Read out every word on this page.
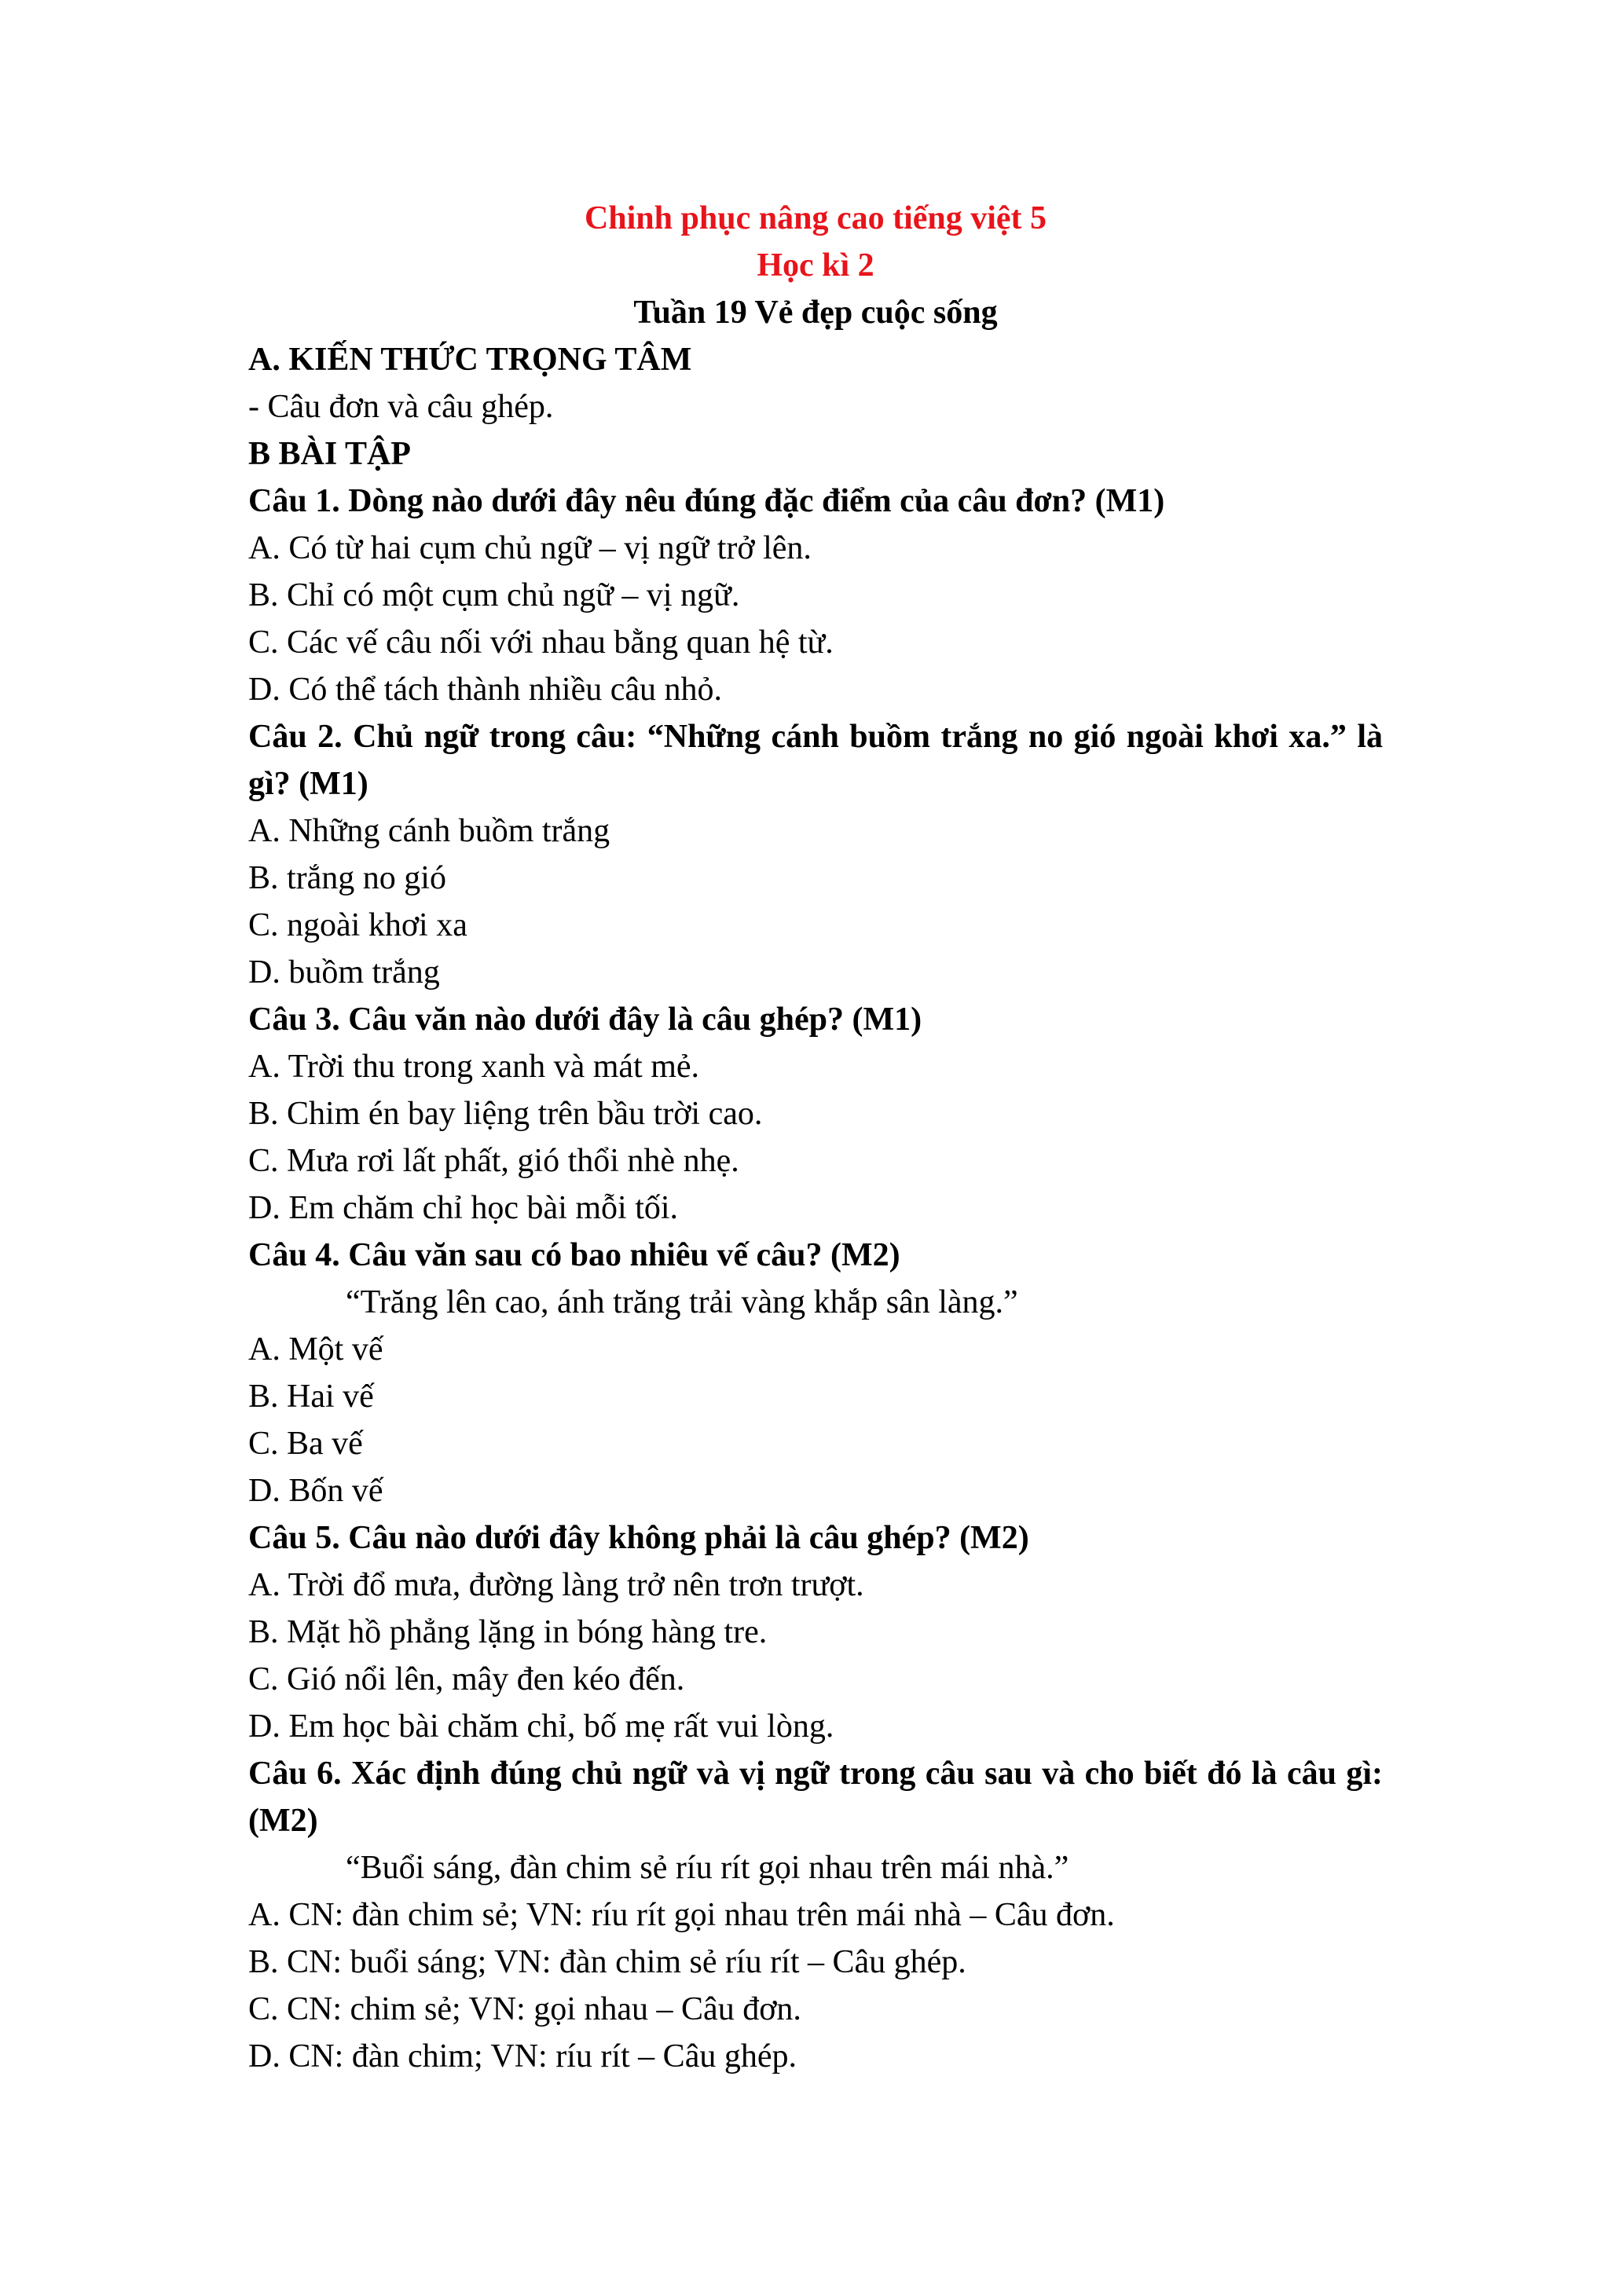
Chinh phục nâng cao tiếng việt 5
Học kì 2
Tuần 19 Vẻ đẹp cuộc sống
A. KIẾN THỨC TRỌNG TÂM
- Câu đơn và câu ghép.
B BÀI TẬP
Câu 1. Dòng nào dưới đây nêu đúng đặc điểm của câu đơn? (M1)
A. Có từ hai cụm chủ ngữ – vị ngữ trở lên.
B. Chỉ có một cụm chủ ngữ – vị ngữ.
C. Các vế câu nối với nhau bằng quan hệ từ.
D. Có thể tách thành nhiều câu nhỏ.
Câu 2. Chủ ngữ trong câu: “Những cánh buồm trắng no gió ngoài khơi xa.” là gì? (M1)
A. Những cánh buồm trắng
B. trắng no gió
C. ngoài khơi xa
D. buồm trắng
Câu 3. Câu văn nào dưới đây là câu ghép? (M1)
A. Trời thu trong xanh và mát mẻ.
B. Chim én bay liệng trên bầu trời cao.
C. Mưa rơi lất phất, gió thổi nhè nhẹ.
D. Em chăm chỉ học bài mỗi tối.
Câu 4. Câu văn sau có bao nhiêu vế câu? (M2)
“Trăng lên cao, ánh trăng trải vàng khắp sân làng.”
A. Một vế
B. Hai vế
C. Ba vế
D. Bốn vế
Câu 5. Câu nào dưới đây không phải là câu ghép? (M2)
A. Trời đổ mưa, đường làng trở nên trơn trượt.
B. Mặt hồ phẳng lặng in bóng hàng tre.
C. Gió nổi lên, mây đen kéo đến.
D. Em học bài chăm chỉ, bố mẹ rất vui lòng.
Câu 6. Xác định đúng chủ ngữ và vị ngữ trong câu sau và cho biết đó là câu gì: (M2)
“Buổi sáng, đàn chim sẻ ríu rít gọi nhau trên mái nhà.”
A. CN: đàn chim sẻ; VN: ríu rít gọi nhau trên mái nhà – Câu đơn.
B. CN: buổi sáng; VN: đàn chim sẻ ríu rít – Câu ghép.
C. CN: chim sẻ; VN: gọi nhau – Câu đơn.
D. CN: đàn chim; VN: ríu rít – Câu ghép.
